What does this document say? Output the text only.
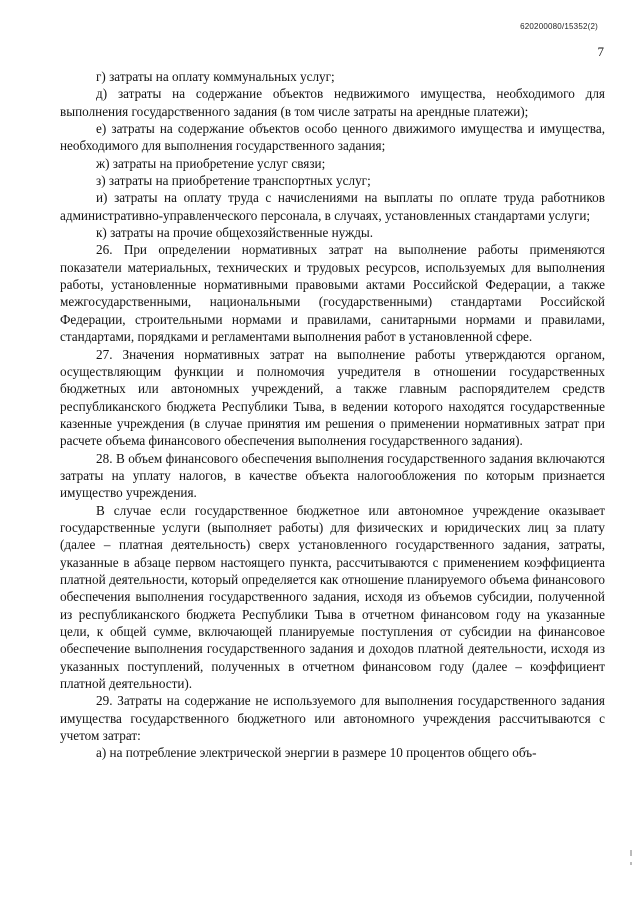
620200080/15352(2)
7

г) затраты на оплату коммунальных услуг;

д) затраты на содержание объектов недвижимого имущества, необходимого для выполнения государственного задания (в том числе затраты на арендные платежи);

е) затраты на содержание объектов особо ценного движимого имущества и имущества, необходимого для выполнения государственного задания;

ж) затраты на приобретение услуг связи;

з) затраты на приобретение транспортных услуг;

и) затраты на оплату труда с начислениями на выплаты по оплате труда работников административно-управленческого персонала, в случаях, установленных стандартами услуги;

к) затраты на прочие общехозяйственные нужды.

26. При определении нормативных затрат на выполнение работы применяются показатели материальных, технических и трудовых ресурсов, используемых для выполнения работы, установленные нормативными правовыми актами Российской Федерации, а также межгосударственными, национальными (государственными) стандартами Российской Федерации, строительными нормами и правилами, санитарными нормами и правилами, стандартами, порядками и регламентами выполнения работ в установленной сфере.

27. Значения нормативных затрат на выполнение работы утверждаются органом, осуществляющим функции и полномочия учредителя в отношении государственных бюджетных или автономных учреждений, а также главным распорядителем средств республиканского бюджета Республики Тыва, в ведении которого находятся государственные казенные учреждения (в случае принятия им решения о применении нормативных затрат при расчете объема финансового обеспечения выполнения государственного задания).

28. В объем финансового обеспечения выполнения государственного задания включаются затраты на уплату налогов, в качестве объекта налогообложения по которым признается имущество учреждения.

В случае если государственное бюджетное или автономное учреждение оказывает государственные услуги (выполняет работы) для физических и юридических лиц за плату (далее – платная деятельность) сверх установленного государственного задания, затраты, указанные в абзаце первом настоящего пункта, рассчитываются с применением коэффициента платной деятельности, который определяется как отношение планируемого объема финансового обеспечения выполнения государственного задания, исходя из объемов субсидии, полученной из республиканского бюджета Республики Тыва в отчетном финансовом году на указанные цели, к общей сумме, включающей планируемые поступления от субсидии на финансовое обеспечение выполнения государственного задания и доходов платной деятельности, исходя из указанных поступлений, полученных в отчетном финансовом году (далее – коэффициент платной деятельности).

29. Затраты на содержание не используемого для выполнения государственного задания имущества государственного бюджетного или автономного учреждения рассчитываются с учетом затрат:

а) на потребление электрической энергии в размере 10 процентов общего объ-
